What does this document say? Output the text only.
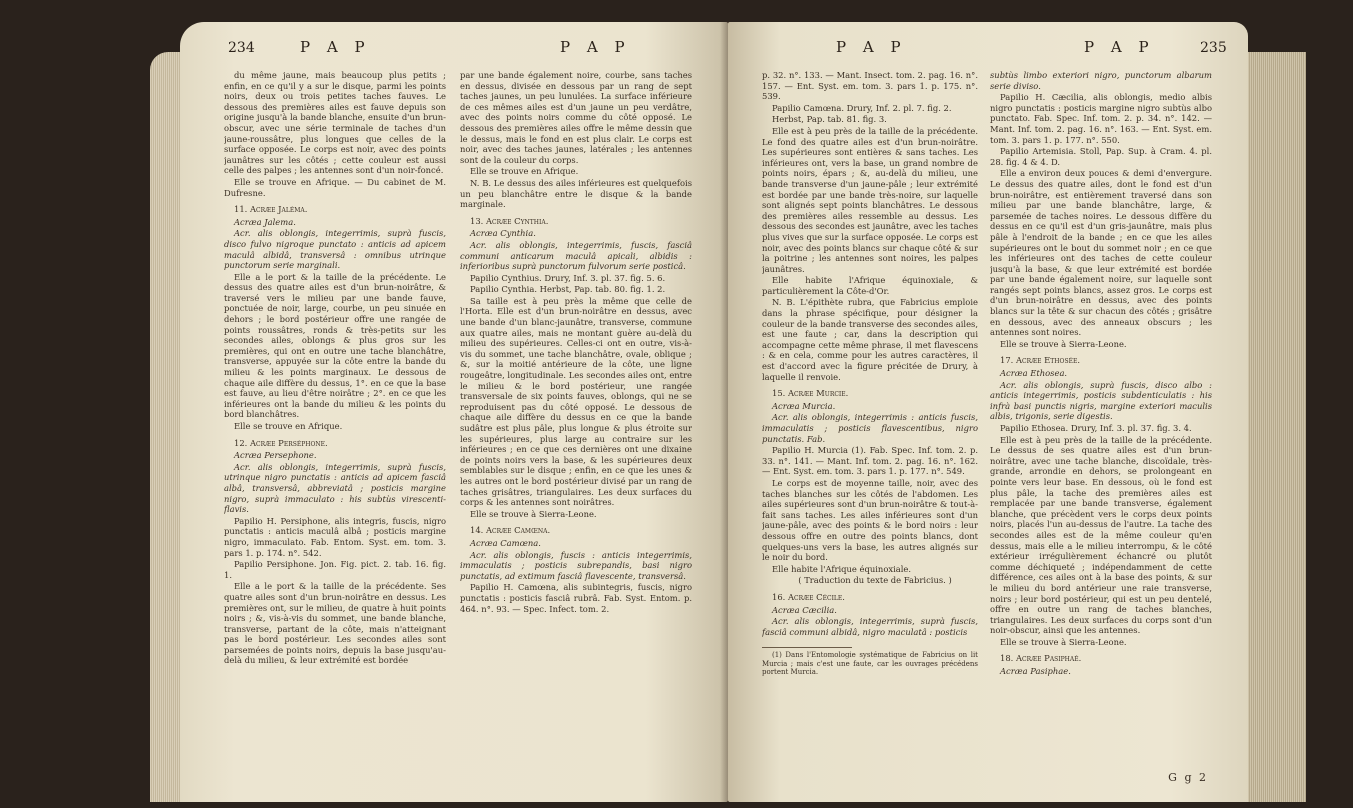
234	P A P	P A P

du même jaune, mais beaucoup plus petits ; enfin, en ce qu'il y a sur le disque, parmi les points noirs, deux ou trois petites taches fauves. Le dessous des premières ailes est fauve depuis son origine jusqu'à la bande blanche, ensuite d'un brun-obscur, avec une série terminale de taches d'un jaune-roussâtre, plus longues que celles de la surface opposée. Le corps est noir, avec des points jaunâtres sur les côtés ; cette couleur est aussi celle des palpes ; les antennes sont d'un noir-foncé.

Elle se trouve en Afrique. — Du cabinet de M. Dufresne.

11. Acræe Jaléma.

Acræa Jalema.

Acr. alis oblongis, integerrimis, suprà fuscis, disco fulvo nigroque punctato : anticis ad apicem maculâ albidâ, transversâ : omnibus utrinque punctorum serie marginali.

Elle a le port & la taille de la précédente. Le dessus des quatre ailes est d'un brun-noirâtre, & traversé vers le milieu par une bande fauve, ponctuée de noir, large, courbe, un peu sinuée en dehors ; le bord postérieur offre une rangée de points roussâtres, ronds & très-petits sur les secondes ailes, oblongs & plus gros sur les premières, qui ont en outre une tache blanchâtre, transverse, appuyée sur la côte entre la bande du milieu & les points marginaux. Le dessous de chaque aile diffère du dessus, 1°. en ce que la base est fauve, au lieu d'être noirâtre ; 2°. en ce que les inférieures ont la bande du milieu & les points du bord blanchâtres.

Elle se trouve en Afrique.

12. Acræe Perséphone.

Acræa Persephone.

Acr. alis oblongis, integerrimis, suprà fuscis, utrinque nigro punctatis : anticis ad apicem fasciâ albâ, transversâ, abbreviatâ ; posticis margine nigro, suprà immaculato : his subtùs virescenti-flavis.

Papilio H. Persiphone, alis integris, fuscis, nigro punctatis : anticis maculâ albâ ; posticis margine nigro, immaculato. Fab. Entom. Syst. em. tom. 3. pars 1. p. 174. n°. 542.

Papilio Persiphone. Jon. Fig. pict. 2. tab. 16. fig. 1.

Elle a le port & la taille de la précédente. Ses quatre ailes sont d'un brun-noirâtre en dessus. Les premières ont, sur le milieu, de quatre à huit points noirs ; &, vis-à-vis du sommet, une bande blanche, transverse, partant de la côte, mais n'atteignant pas le bord postérieur. Les secondes ailes sont parsemées de points noirs, depuis la base jusqu'au-delà du milieu, & leur extrémité est bordée

par une bande également noire, courbe, sans taches en dessus, divisée en dessous par un rang de sept taches jaunes, un peu lunulées. La surface inférieure de ces mêmes ailes est d'un jaune un peu verdâtre, avec des points noirs comme du côté opposé. Le dessous des premières ailes offre le même dessin que le dessus, mais le fond en est plus clair. Le corps est noir, avec des taches jaunes, latérales ; les antennes sont de la couleur du corps.

Elle se trouve en Afrique.

N. B. Le dessus des ailes inférieures est quelquefois un peu blanchâtre entre le disque & la bande marginale.

13. Acræe Cynthia.

Acræa Cynthia.

Acr. alis oblongis, integerrimis, fuscis, fasciâ communi anticarum maculâ apicali, albidis : inferioribus suprà punctorum fulvorum serie posticâ.

Papilio Cynthius. Drury, Inf. 3. pl. 37. fig. 5. 6.

Papilio Cynthia. Herbst, Pap. tab. 80. fig. 1. 2.

Sa taille est à peu près la même que celle de l'Horta. Elle est d'un brun-noirâtre en dessus, avec une bande d'un blanc-jaunâtre, transverse, commune aux quatre ailes, mais ne montant guère au-delà du milieu des supérieures. Celles-ci ont en outre, vis-à-vis du sommet, une tache blanchâtre, ovale, oblique ; &, sur la moitié antérieure de la côte, une ligne rougeâtre, longitudinale. Les secondes ailes ont, entre le milieu & le bord postérieur, une rangée transversale de six points fauves, oblongs, qui ne se reproduisent pas du côté opposé. Le dessous de chaque aile diffère du dessus en ce que la bande sudâtre est plus pâle, plus longue & plus étroite sur les supérieures, plus large au contraire sur les inférieures ; en ce que ces dernières ont une dixaine de points noirs vers la base, & les supérieures deux semblables sur le disque ; enfin, en ce que les unes & les autres ont le bord postérieur divisé par un rang de taches grisâtres, triangulaires. Les deux surfaces du corps & les antennes sont noirâtres.

Elle se trouve à Sierra-Leone.

14. Acræe Camœna.

Acræa Camœna.

Acr. alis oblongis, fuscis : anticis integerrimis, immaculatis ; posticis subrepandis, basi nigro punctatis, ad extimum fasciâ flavescente, transversâ.

Papilio H. Camœna, alis subintegris, fuscis, nigro punctatis : posticis fasciâ rubrâ. Fab. Syst. Entom. p. 464. n°. 93. — Spec. Infect. tom. 2.

P A P	P A P	235

p. 32. n°. 133. — Mant. Insect. tom. 2. pag. 16. n°. 157. — Ent. Syst. em. tom. 3. pars 1. p. 175. n°. 539.

Papilio Camœna. Drury, Inf. 2. pl. 7. fig. 2.

Herbst, Pap. tab. 81. fig. 3.

Elle est à peu près de la taille de la précédente. Le fond des quatre ailes est d'un brun-noirâtre. Les supérieures sont entières & sans taches. Les inférieures ont, vers la base, un grand nombre de points noirs, épars ; &, au-delà du milieu, une bande transverse d'un jaune-pâle ; leur extrémité est bordée par une bande très-noire, sur laquelle sont alignés sept points blanchâtres. Le dessous des premières ailes ressemble au dessus. Les dessous des secondes est jaunâtre, avec les taches plus vives que sur la surface opposée. Le corps est noir, avec des points blancs sur chaque côté & sur la poitrine ; les antennes sont noires, les palpes jaunâtres.

Elle habite l'Afrique équinoxiale, & particulièrement la Côte-d'Or.

N. B. L'épithète rubra, que Fabricius emploie dans la phrase spécifique, pour désigner la couleur de la bande transverse des secondes ailes, est une faute ; car, dans la description qui accompagne cette même phrase, il met flavescens : & en cela, comme pour les autres caractères, il est d'accord avec la figure précitée de Drury, à laquelle il renvoie.

15. Acræe Murcie.

Acræa Murcia.

Acr. alis oblongis, integerrimis : anticis fuscis, immaculatis ; posticis flavescentibus, nigro punctatis. Fab.

Papilio H. Murcia (1). Fab. Spec. Inf. tom. 2. p. 33. n°. 141. — Mant. Inf. tom. 2. pag. 16. n°. 162. — Ent. Syst. em. tom. 3. pars 1. p. 177. n°. 549.

Le corps est de moyenne taille, noir, avec des taches blanches sur les côtés de l'abdomen. Les ailes supérieures sont d'un brun-noirâtre & tout-à-fait sans taches. Les ailes inférieures sont d'un jaune-pâle, avec des points & le bord noirs : leur dessous offre en outre des points blancs, dont quelques-uns vers la base, les autres alignés sur le noir du bord.

Elle habite l'Afrique équinoxiale.

( Traduction du texte de Fabricius. )

16. Acræe Cécile.

Acræa Cæcilia.

Acr. alis oblongis, integerrimis, suprà fuscis, fasciâ communi albidâ, nigro maculatâ : posticis

(1) Dans l'Entomologie systématique de Fabricius on lit Murcia ; mais c'est une faute, car les ouvrages précédens portent Murcia.

subtùs limbo exteriori nigro, punctorum albarum serie diviso.

Papilio H. Cæcilia, alis oblongis, medio albis nigro punctatis : posticis margine nigro subtùs albo punctato. Fab. Spec. Inf. tom. 2. p. 34. n°. 142. — Mant. Inf. tom. 2. pag. 16. n°. 163. — Ent. Syst. em. tom. 3. pars 1. p. 177. n°. 550.

Papilio Artemisia. Stoll, Pap. Sup. à Cram. 4. pl. 28. fig. 4 & 4. D.

Elle a environ deux pouces & demi d'envergure. Le dessus des quatre ailes, dont le fond est d'un brun-noirâtre, est entièrement traversé dans son milieu par une bande blanchâtre, large, & parsemée de taches noires. Le dessous diffère du dessus en ce qu'il est d'un gris-jaunâtre, mais plus pâle à l'endroit de la bande ; en ce que les ailes supérieures ont le bout du sommet noir ; en ce que les inférieures ont des taches de cette couleur jusqu'à la base, & que leur extrémité est bordée par une bande également noire, sur laquelle sont rangés sept points blancs, assez gros. Le corps est d'un brun-noirâtre en dessus, avec des points blancs sur la tête & sur chacun des côtés ; grisâtre en dessous, avec des anneaux obscurs ; les antennes sont noires.

Elle se trouve à Sierra-Leone.

17. Acræe Ethosée.

Acræa Ethosea.

Acr. alis oblongis, suprà fuscis, disco albo : anticis integerrimis, posticis subdenticulatis : his infrà basi punctis nigris, margine exteriori maculis albis, trigonis, serie digestis.

Papilio Ethosea. Drury, Inf. 3. pl. 37. fig. 3. 4.

Elle est à peu près de la taille de la précédente. Le dessus de ses quatre ailes est d'un brun-noirâtre, avec une tache blanche, discoïdale, très-grande, arrondie en dehors, se prolongeant en pointe vers leur base. En dessous, où le fond est plus pâle, la tache des premières ailes est remplacée par une bande transverse, également blanche, que précèdent vers le corps deux points noirs, placés l'un au-dessus de l'autre. La tache des secondes ailes est de la même couleur qu'en dessus, mais elle a le milieu interrompu, & le côté extérieur irrégulièrement échancré ou plutôt comme déchiqueté ; indépendamment de cette différence, ces ailes ont à la base des points, & sur le milieu du bord antérieur une raie transverse, noirs ; leur bord postérieur, qui est un peu dentelé, offre en outre un rang de taches blanches, triangulaires. Les deux surfaces du corps sont d'un noir-obscur, ainsi que les antennes.

Elle se trouve à Sierra-Leone.

18. Acræe Pasiphaé.

Acræa Pasiphae.

G g 2
